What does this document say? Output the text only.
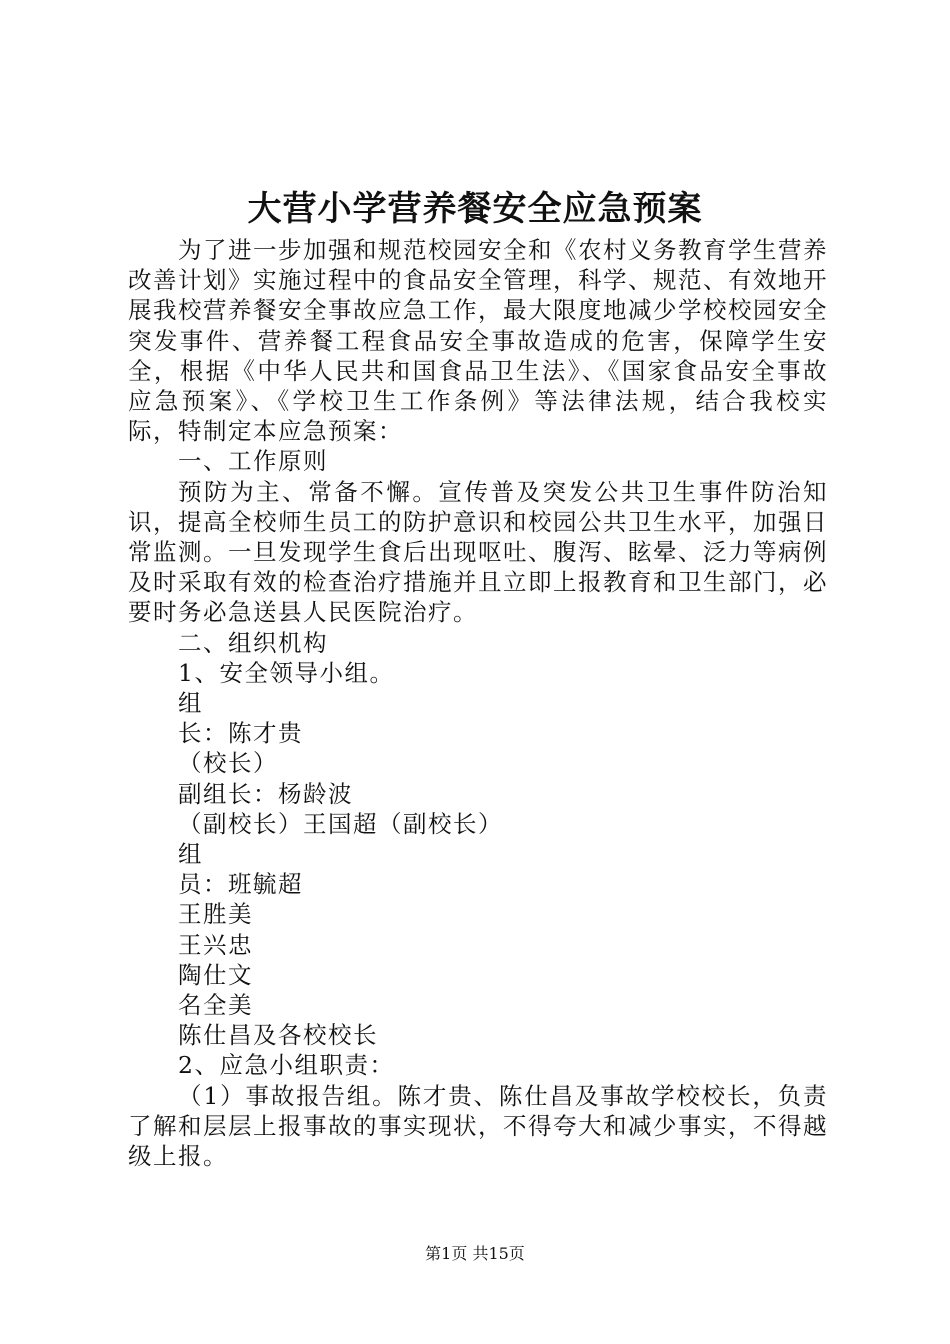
大营小学营养餐安全应急预案

为了进一步加强和规范校园安全和《农村义务教育学生营养改善计划》实施过程中的食品安全管理，科学、规范、有效地开展我校营养餐安全事故应急工作，最大限度地减少学校校园安全突发事件、营养餐工程食品安全事故造成的危害，保障学生安全，根据《中华人民共和国食品卫生法》、《国家食品安全事故应急预案》、《学校卫生工作条例》等法律法规，结合我校实际，特制定本应急预案：

一、工作原则

预防为主、常备不懈。宣传普及突发公共卫生事件防治知识，提高全校师生员工的防护意识和校园公共卫生水平，加强日常监测。一旦发现学生食后出现呕吐、腹泻、眩晕、泛力等病例及时采取有效的检查治疗措施并且立即上报教育和卫生部门，必要时务必急送县人民医院治疗。

二、组织机构

1、安全领导小组。

组

长：陈才贵

（校长）

副组长：杨龄波

（副校长）王国超（副校长）

组

员：班毓超

王胜美

王兴忠

陶仕文

名全美

陈仕昌及各校校长

2、应急小组职责：

（1）事故报告组。陈才贵、陈仕昌及事故学校校长，负责了解和层层上报事故的事实现状，不得夸大和减少事实，不得越级上报。

第1页 共15页
